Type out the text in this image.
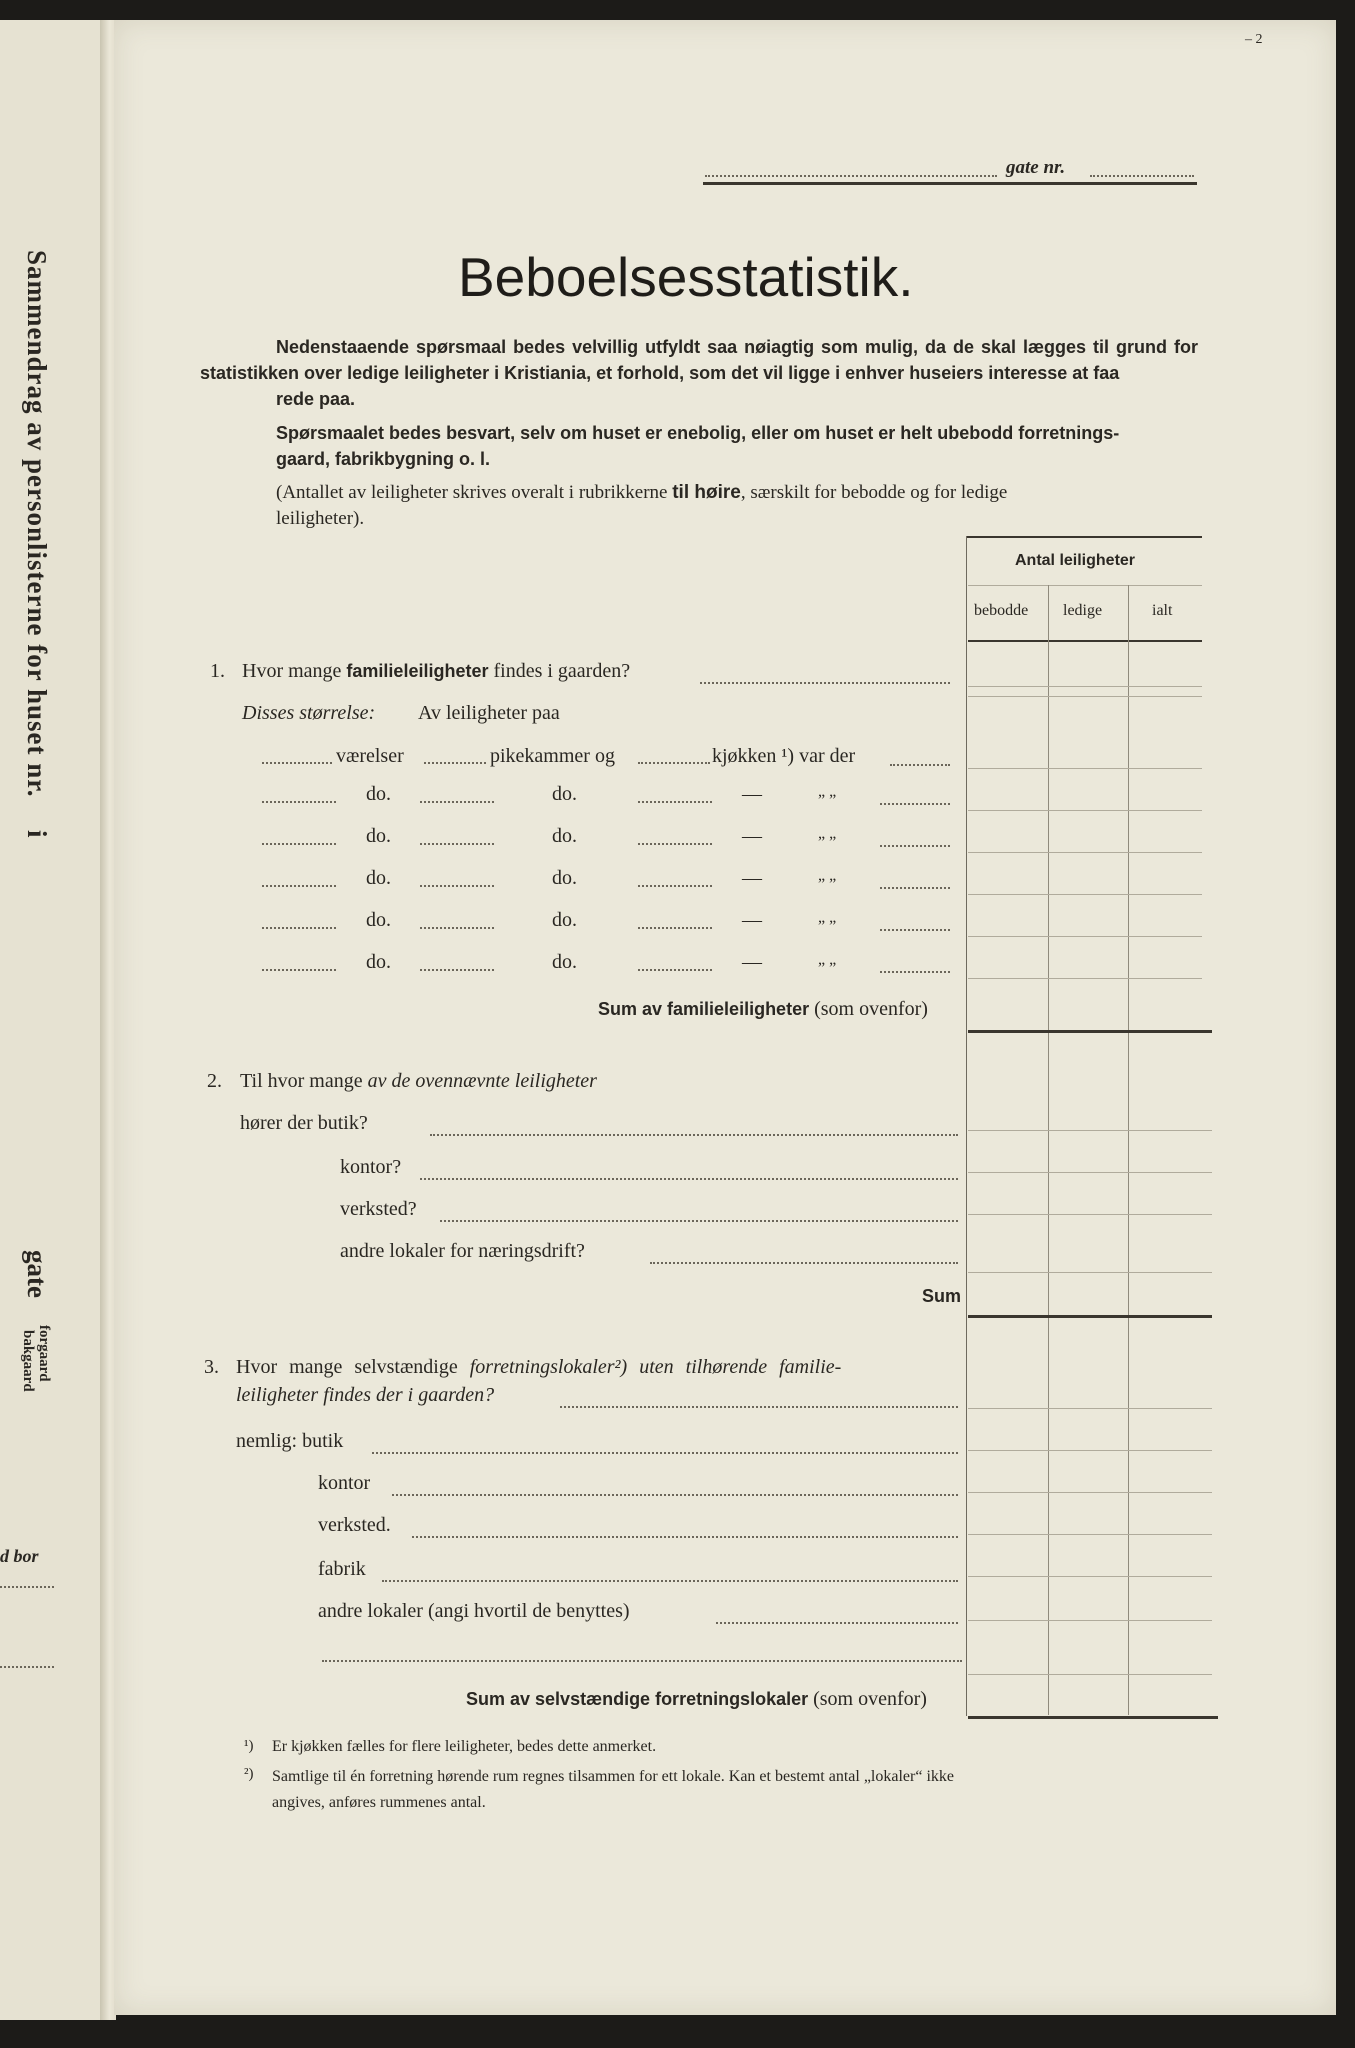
Sammendrag av personlisterne for huset nr.
i
gate
forgaard
bakgaard
d bor
gate nr.
– 2
Beboelsesstatistik.
Nedenstaaende spørsmaal bedes velvillig utfyldt saa nøiagtig som mulig, da de skal lægges til grund for statistikken over ledige leiligheter i Kristiania, et forhold, som det vil ligge i enhver huseiers interesse at faa
rede paa.
Spørsmaalet bedes besvart, selv om huset er enebolig, eller om huset er helt ubebodd forretnings-
gaard, fabrikbygning o. l.
(Antallet av leiligheter skrives overalt i rubrikkerne til høire, særskilt for bebodde og for ledige
leiligheter).
Antal leiligheter
bebodde ledige	ialt
1. Hvor mange familieleiligheter findes i gaarden?
Disses størrelse: Av leiligheter paa
værelser	pikekammer og	kjøkken ¹) var der
do.	do.	—	„ „
do.	do.	—	„ „
do.	do.	—	„ „
do.	do.	—	„ „
do.	do.	—	„ „
Sum av familieleiligheter (som ovenfor)
2. Til hvor mange av de ovennævnte leiligheter
hører der butik?
kontor?
verksted?
andre lokaler for næringsdrift?
Sum
3. Hvor mange selvstændige forretningslokaler²) uten tilhørende familie-
leiligheter findes der i gaarden?
nemlig: butik
kontor
verksted.
fabrik
andre lokaler (angi hvortil de benyttes)
Sum av selvstændige forretningslokaler (som ovenfor)
¹) Er kjøkken fælles for flere leiligheter, bedes dette anmerket.
²) Samtlige til én forretning hørende rum regnes tilsammen for ett lokale. Kan et bestemt antal „lokaler“ ikke
angives, anføres rummenes antal.
